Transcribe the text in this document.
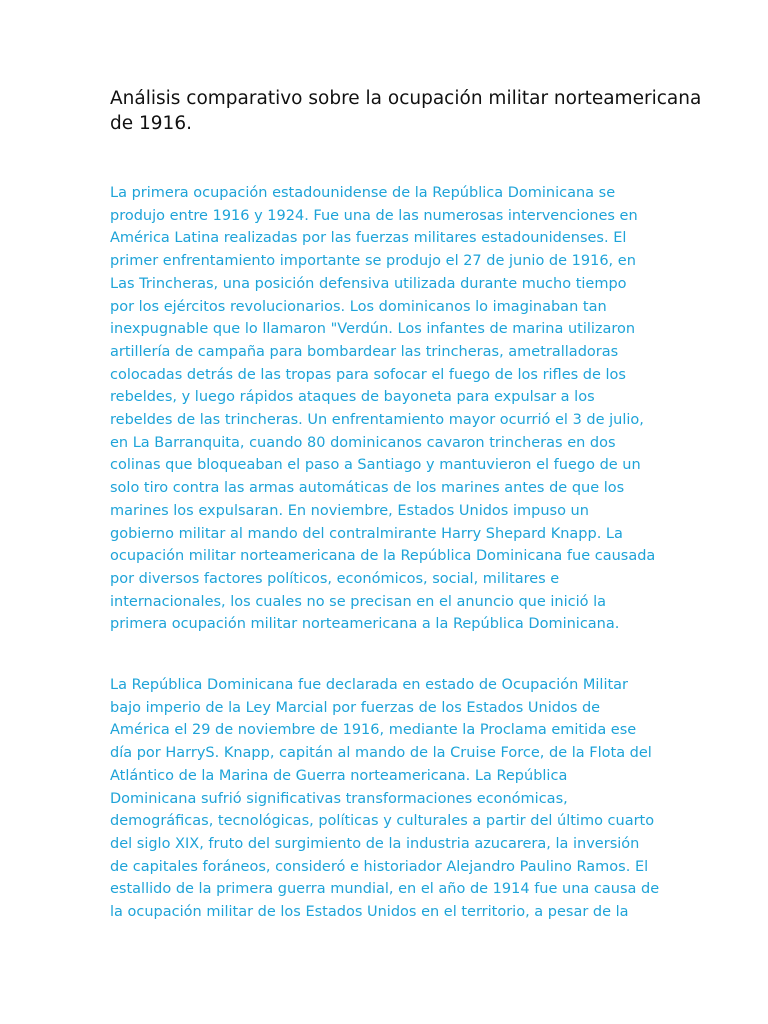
Análisis comparativo sobre la ocupación militar norteamericana
de 1916.

La primera ocupación estadounidense de la República Dominicana se
produjo entre 1916 y 1924. Fue una de las numerosas intervenciones en
América Latina realizadas por las fuerzas militares estadounidenses. El
primer enfrentamiento importante se produjo el 27 de junio de 1916, en
Las Trincheras, una posición defensiva utilizada durante mucho tiempo
por los ejércitos revolucionarios. Los dominicanos lo imaginaban tan
inexpugnable que lo llamaron "Verdún. Los infantes de marina utilizaron
artillería de campaña para bombardear las trincheras, ametralladoras
colocadas detrás de las tropas para sofocar el fuego de los rifles de los
rebeldes, y luego rápidos ataques de bayoneta para expulsar a los
rebeldes de las trincheras. Un enfrentamiento mayor ocurrió el 3 de julio,
en La Barranquita, cuando 80 dominicanos cavaron trincheras en dos
colinas que bloqueaban el paso a Santiago y mantuvieron el fuego de un
solo tiro contra las armas automáticas de los marines antes de que los
marines los expulsaran. En noviembre, Estados Unidos impuso un
gobierno militar al mando del contralmirante Harry Shepard Knapp. La
ocupación militar norteamericana de la República Dominicana fue causada
por diversos factores políticos, económicos, social, militares e
internacionales, los cuales no se precisan en el anuncio que inició la
primera ocupación militar norteamericana a la República Dominicana.

La República Dominicana fue declarada en estado de Ocupación Militar
bajo imperio de la Ley Marcial por fuerzas de los Estados Unidos de
América el 29 de noviembre de 1916, mediante la Proclama emitida ese
día por HarryS. Knapp, capitán al mando de la Cruise Force, de la Flota del
Atlántico de la Marina de Guerra norteamericana. La República
Dominicana sufrió significativas transformaciones económicas,
demográficas, tecnológicas, políticas y culturales a partir del último cuarto
del siglo XIX, fruto del surgimiento de la industria azucarera, la inversión
de capitales foráneos, consideró e historiador Alejandro Paulino Ramos. El
estallido de la primera guerra mundial, en el año de 1914 fue una causa de
la ocupación militar de los Estados Unidos en el territorio, a pesar de la
